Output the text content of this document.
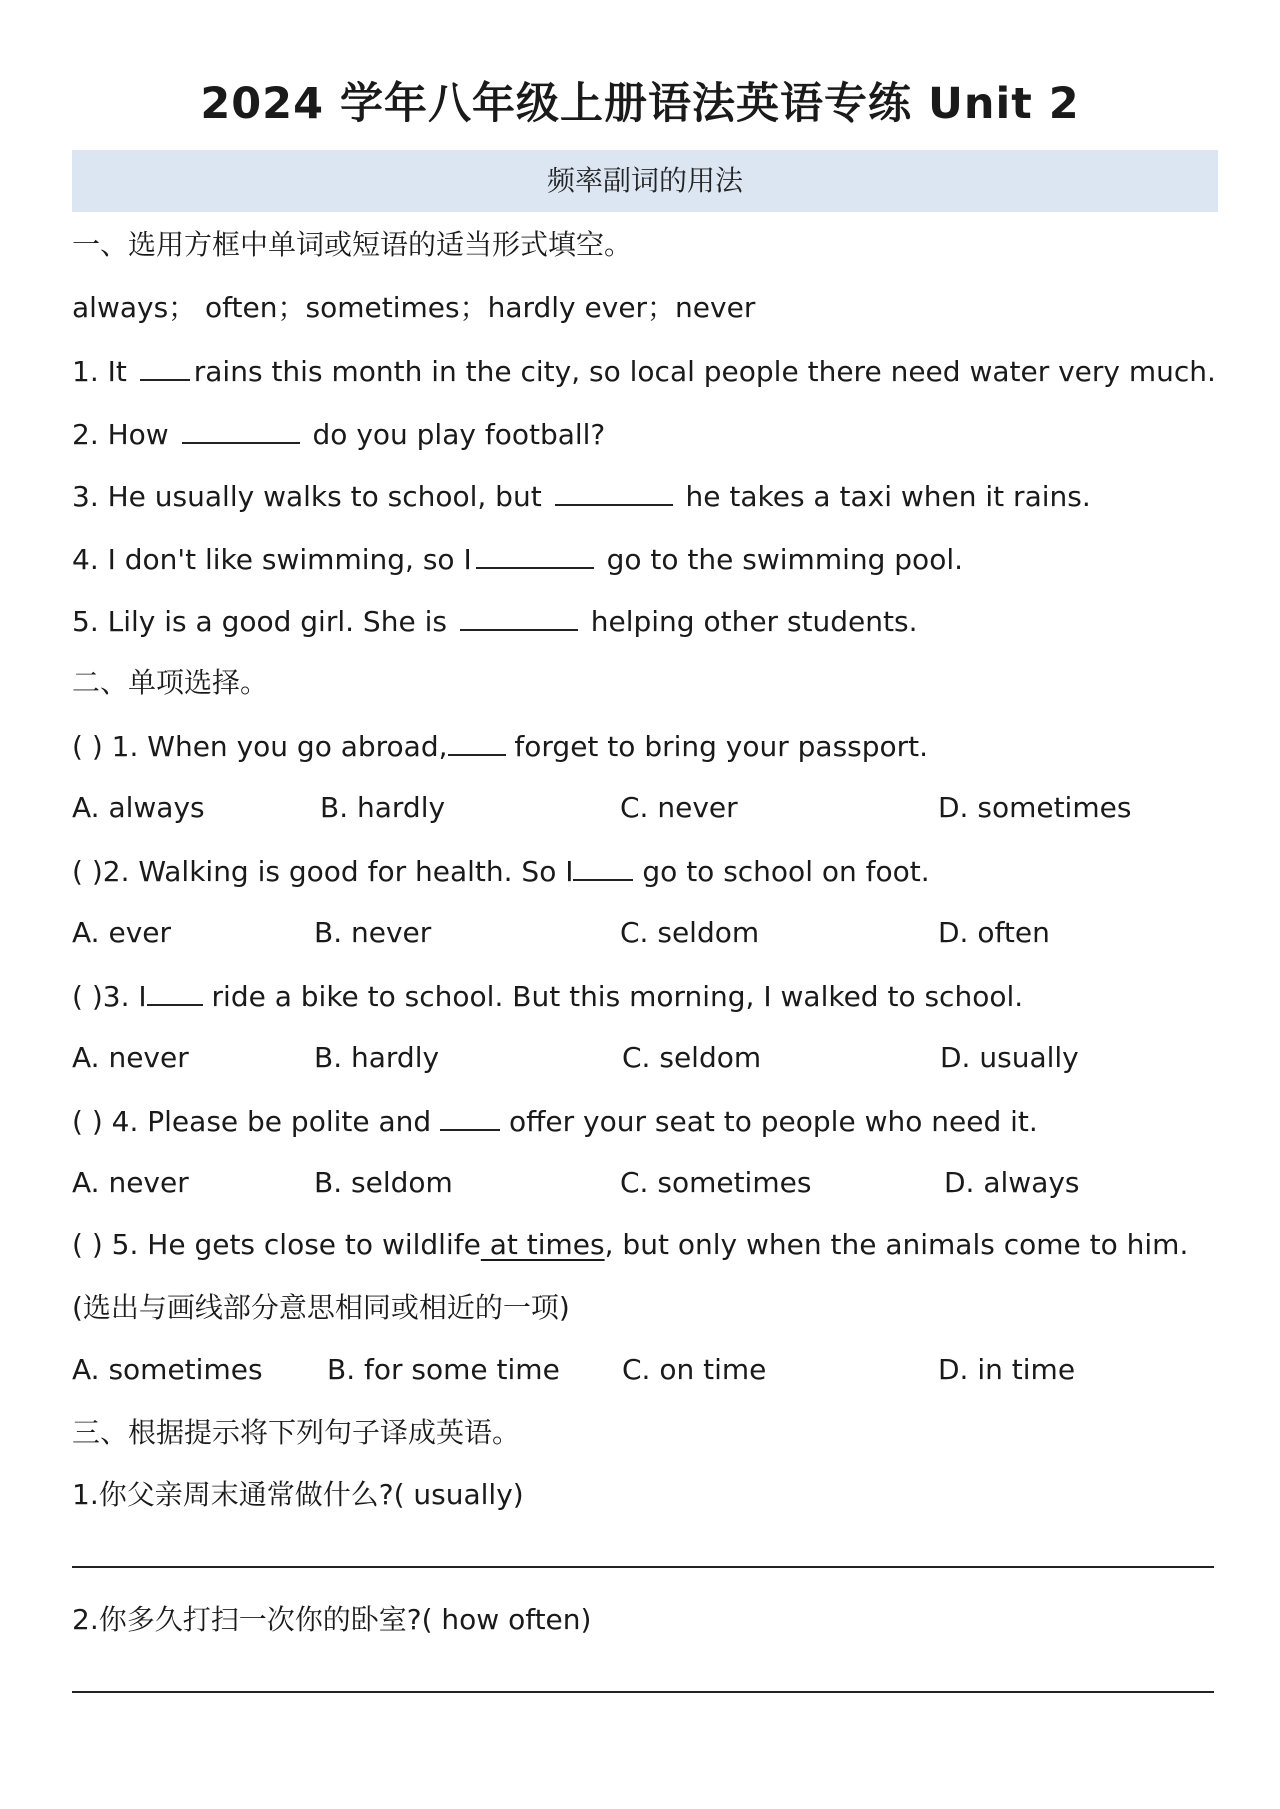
2024 学年八年级上册语法英语专练 Unit 2
频率副词的用法
一、选用方框中单词或短语的适当形式填空。
always； often；sometimes；hardly ever；never
1. It rains this month in the city, so local people there need water very much.
2. How	do you play football?
3. He usually walks to school, but	he takes a taxi when it rains.
4. I don't like swimming, so I	go to the swimming pool.
5. Lily is a good girl. She is	helping other students.
二、单项选择。
( ) 1. When you go abroad, forget to bring your passport.
A. always	B. hardly	C. never	D. sometimes
( )2. Walking is good for health. So I go to school on foot.
A. ever	B. never	C. seldom	D. often
( )3. I ride a bike to school. But this morning, I walked to school.
A. never	B. hardly	C. seldom	D. usually
( ) 4. Please be polite and  offer your seat to people who need it.
A. never	B. seldom	C. sometimes	D. always
( ) 5. He gets close to wildlife at times, but only when the animals come to him.
(选出与画线部分意思相同或相近的一项)
A. sometimes B. for some time C. on time	D. in time
三、根据提示将下列句子译成英语。
1.你父亲周末通常做什么?( usually)
2.你多久打扫一次你的卧室?( how often)
